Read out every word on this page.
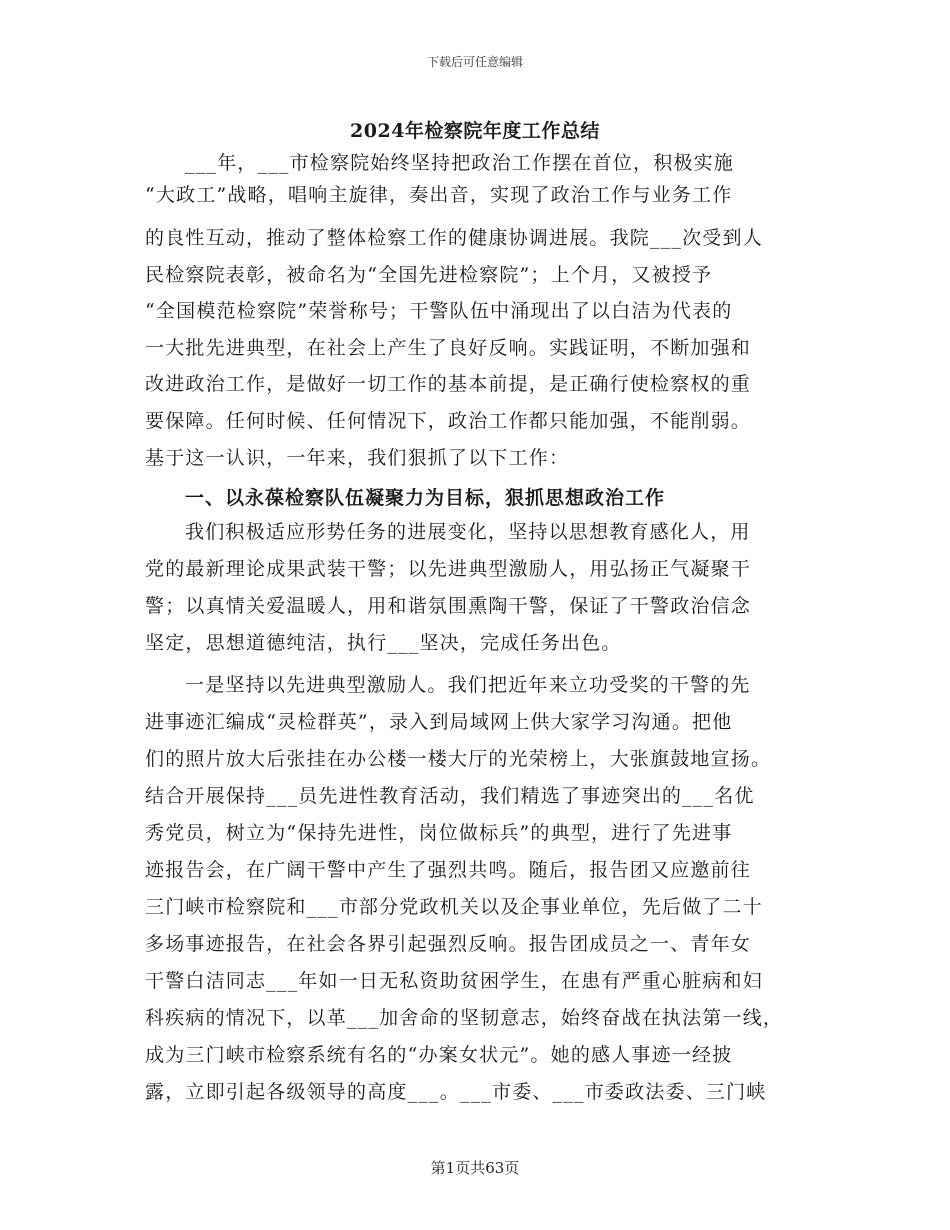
下载后可任意编辑
2024年检察院年度工作总结
___年，___市检察院始终坚持把政治工作摆在首位，积极实施
“大政工”战略，唱响主旋律，奏出音，实现了政治工作与业务工作
的良性互动，推动了整体检察工作的健康协调进展。我院___次受到人
民检察院表彰，被命名为“全国先进检察院”；上个月，又被授予
“全国模范检察院”荣誉称号；干警队伍中涌现出了以白洁为代表的
一大批先进典型，在社会上产生了良好反响。实践证明，不断加强和
改进政治工作，是做好一切工作的基本前提，是正确行使检察权的重
要保障。任何时候、任何情况下，政治工作都只能加强，不能削弱。
基于这一认识，一年来，我们狠抓了以下工作：
一、以永葆检察队伍凝聚力为目标，狠抓思想政治工作
我们积极适应形势任务的进展变化，坚持以思想教育感化人，用
党的最新理论成果武装干警；以先进典型激励人，用弘扬正气凝聚干
警；以真情关爱温暖人，用和谐氛围熏陶干警，保证了干警政治信念
坚定，思想道德纯洁，执行___坚决，完成任务出色。
一是坚持以先进典型激励人。我们把近年来立功受奖的干警的先
进事迹汇编成“灵检群英”，录入到局域网上供大家学习沟通。把他
们的照片放大后张挂在办公楼一楼大厅的光荣榜上，大张旗鼓地宣扬。
结合开展保持___员先进性教育活动，我们精选了事迹突出的___名优
秀党员，树立为“保持先进性，岗位做标兵”的典型，进行了先进事
迹报告会，在广阔干警中产生了强烈共鸣。随后，报告团又应邀前往
三门峡市检察院和___市部分党政机关以及企事业单位，先后做了二十
多场事迹报告，在社会各界引起强烈反响。报告团成员之一、青年女
干警白洁同志___年如一日无私资助贫困学生，在患有严重心脏病和妇
科疾病的情况下，以革___加舍命的坚韧意志，始终奋战在执法第一线，
成为三门峡市检察系统有名的“办案女状元”。她的感人事迹一经披
露，立即引起各级领导的高度___。___市委、___市委政法委、三门峡
第1页共63页
